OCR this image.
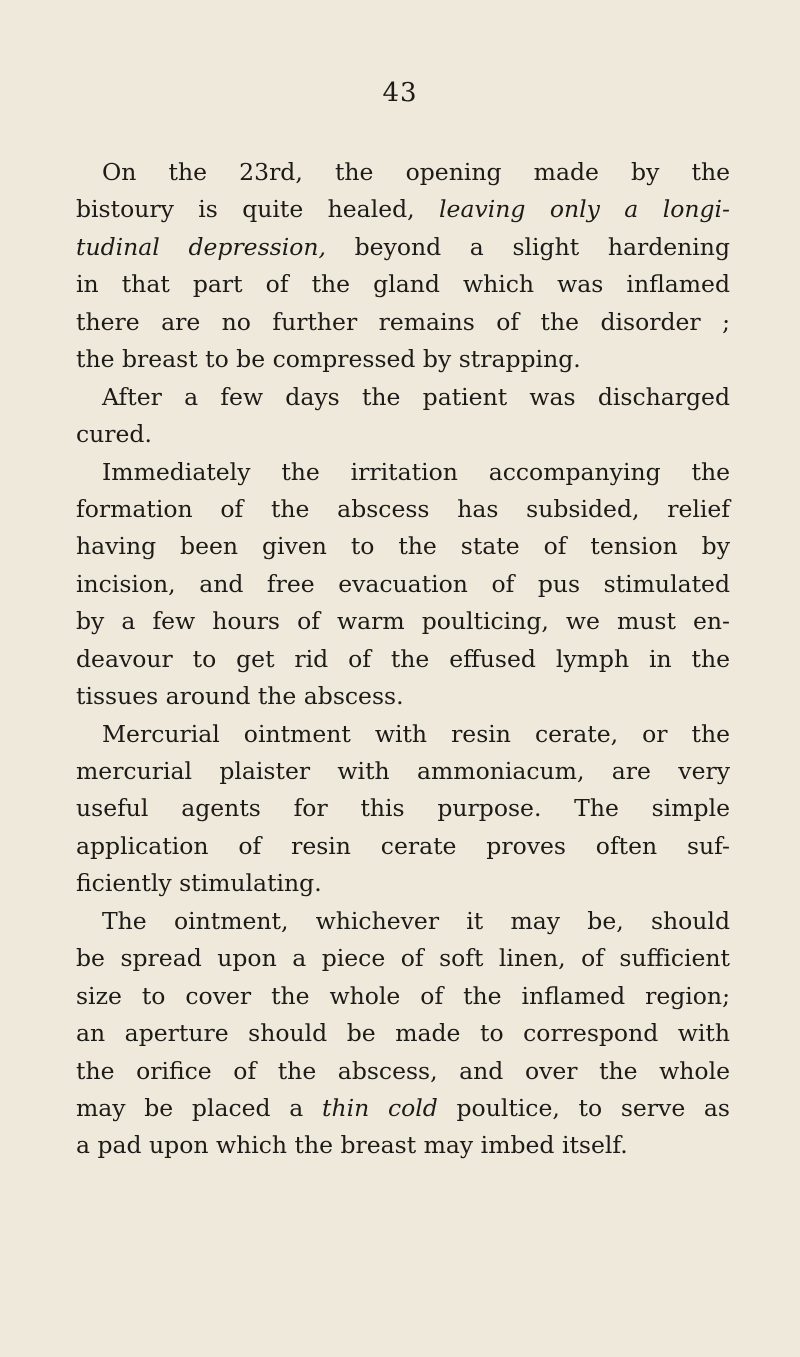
43
On the 23rd, the opening made by the
bistoury is quite healed, leaving only a longi-
tudinal depression, beyond a slight hardening
in that part of the gland which was inflamed
there are no further remains of the disorder ;
the breast to be compressed by strapping.
After a few days the patient was discharged
cured.
Immediately the irritation accompanying the
formation of the abscess has subsided, relief
having been given to the state of tension by
incision, and free evacuation of pus stimulated
by a few hours of warm poulticing, we must en-
deavour to get rid of the effused lymph in the
tissues around the abscess.
Mercurial ointment with resin cerate, or the
mercurial plaister with ammoniacum, are very
useful agents for this purpose. The simple
application of resin cerate proves often suf-
ficiently stimulating.
The ointment, whichever it may be, should
be spread upon a piece of soft linen, of sufficient
size to cover the whole of the inflamed region;
an aperture should be made to correspond with
the orifice of the abscess, and over the whole
may be placed a thin cold poultice, to serve as
a pad upon which the breast may imbed itself.
